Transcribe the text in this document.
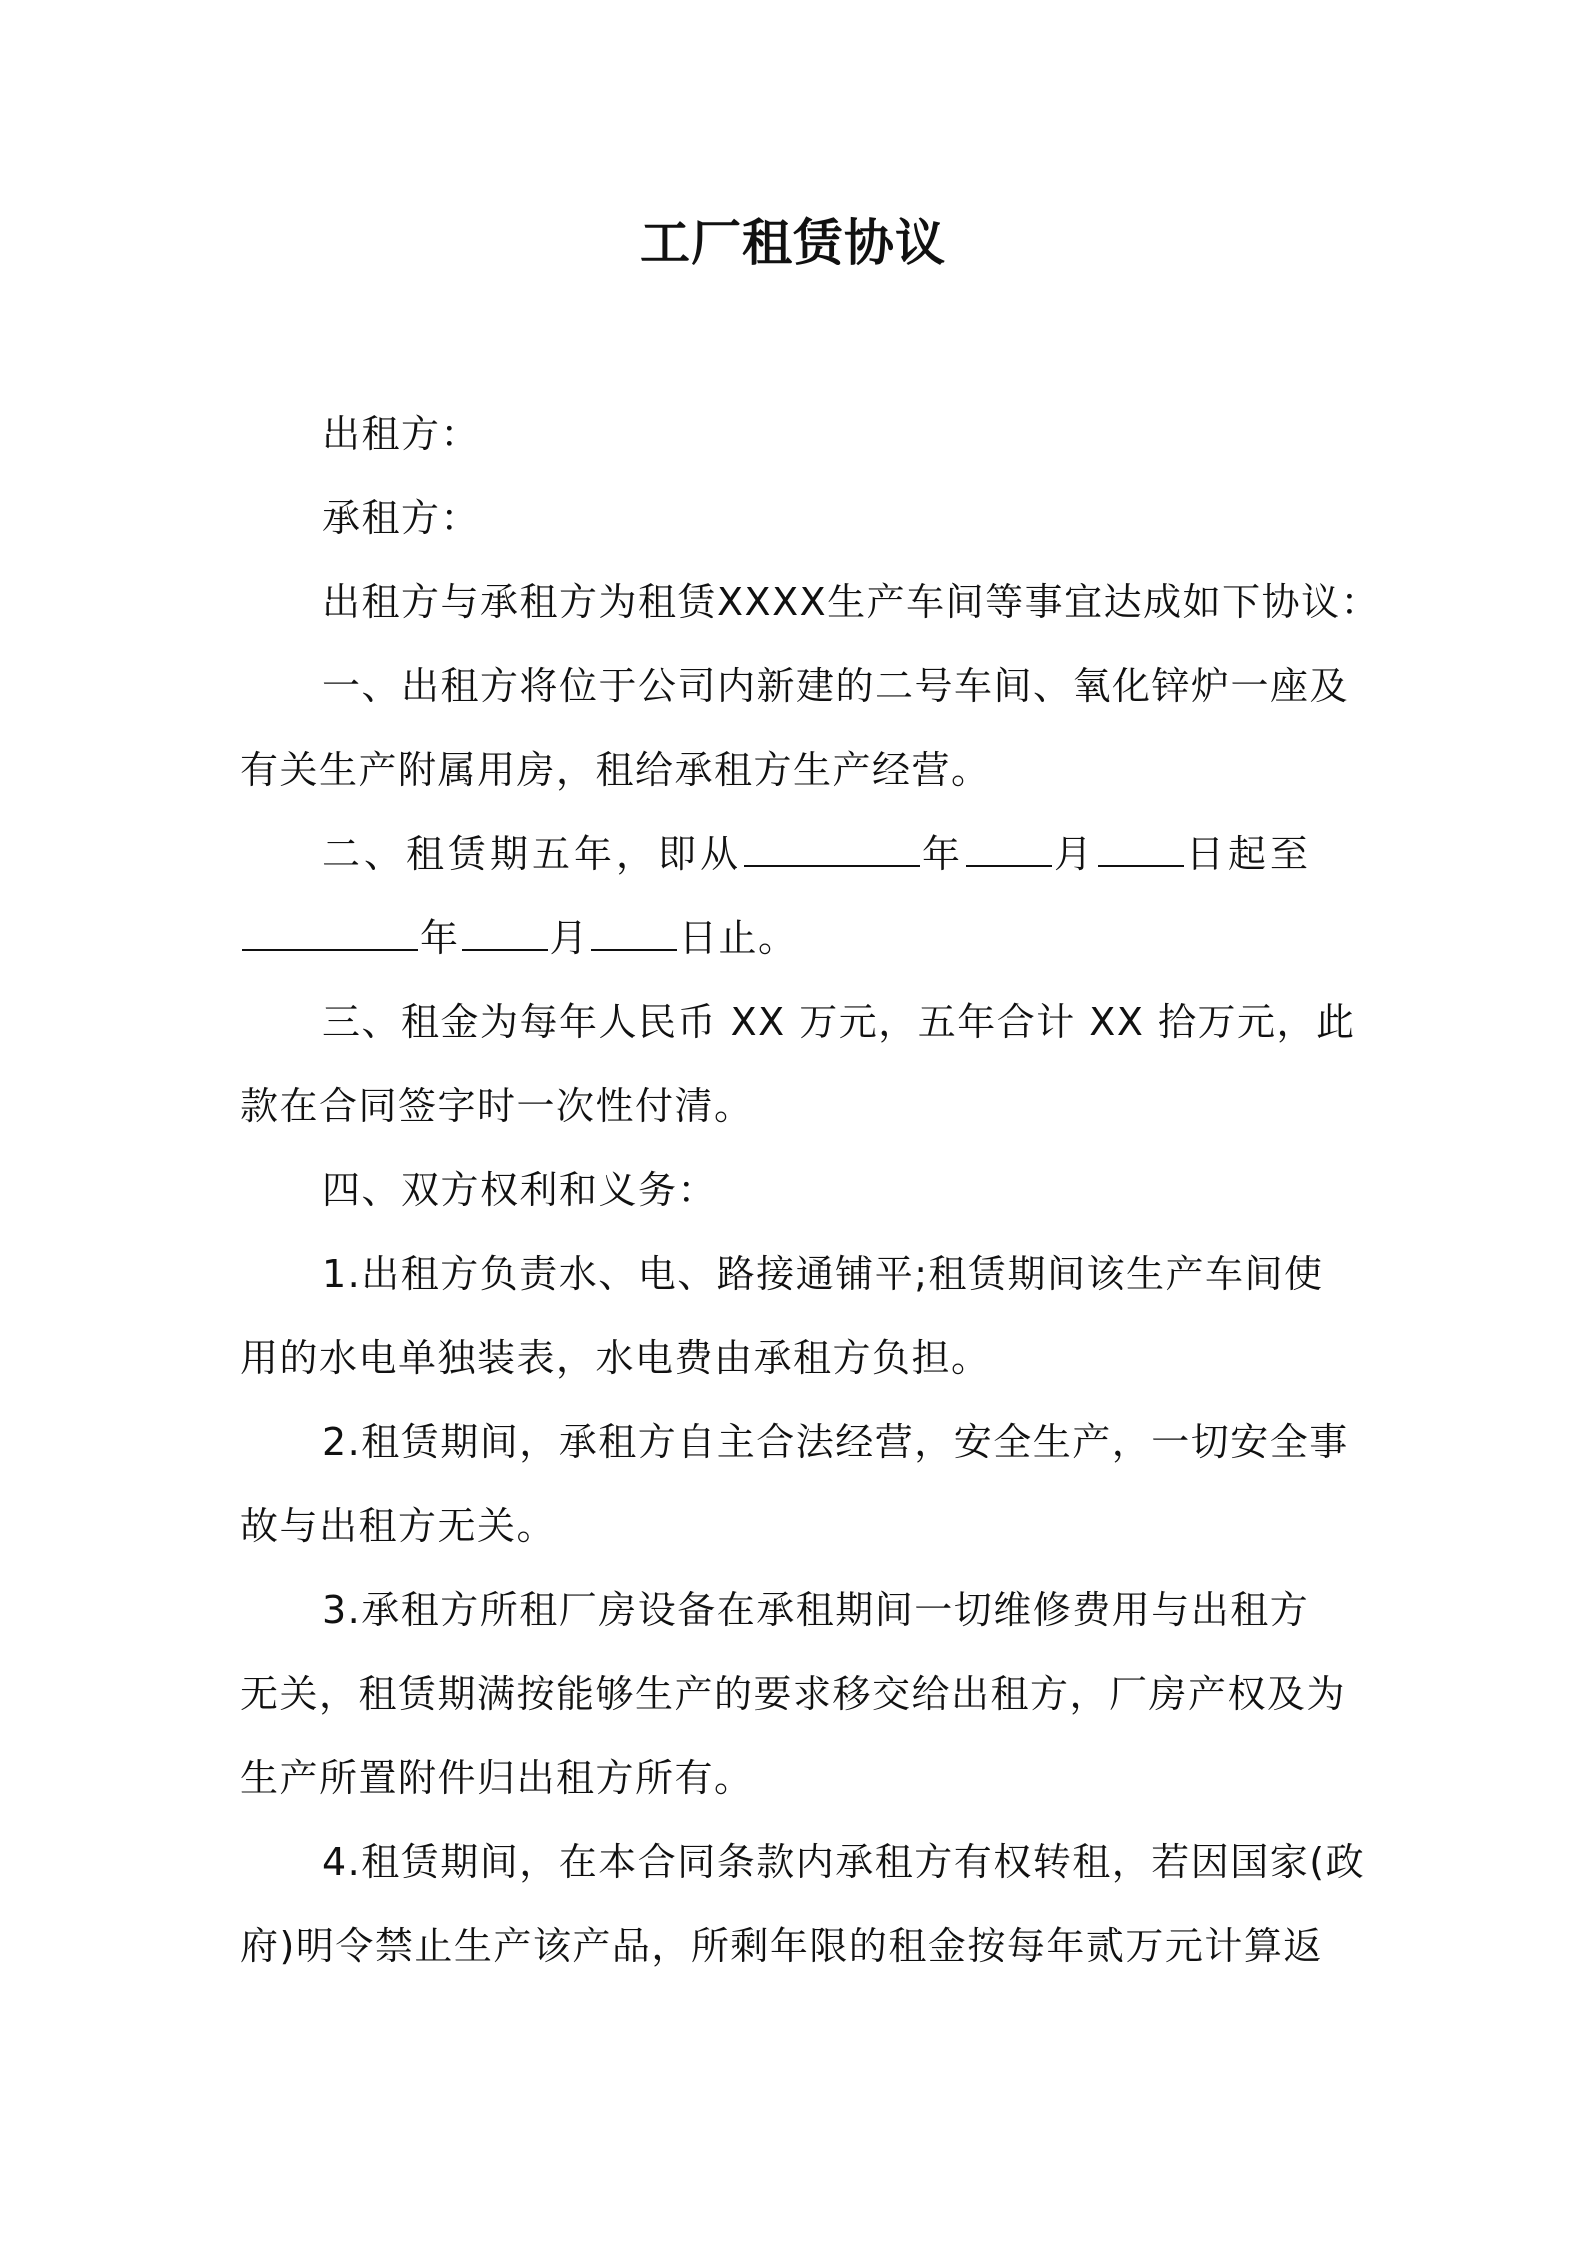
工厂租赁协议
出租方：
承租方：
出租方与承租方为租赁XXXX生产车间等事宜达成如下协议：
一、出租方将位于公司内新建的二号车间、氧化锌炉一座及
有关生产附属用房，租给承租方生产经营。
二、租赁期五年，即从	年 月 日起至
年 月 日止。
三、租金为每年人民币 XX 万元，五年合计 XX 拾万元，此
款在合同签字时一次性付清。
四、双方权利和义务：
1.出租方负责水、电、路接通铺平;租赁期间该生产车间使
用的水电单独装表，水电费由承租方负担。
2.租赁期间，承租方自主合法经营，安全生产，一切安全事
故与出租方无关。
3.承租方所租厂房设备在承租期间一切维修费用与出租方
无关，租赁期满按能够生产的要求移交给出租方，厂房产权及为
生产所置附件归出租方所有。
4.租赁期间，在本合同条款内承租方有权转租，若因国家(政
府)明令禁止生产该产品，所剩年限的租金按每年贰万元计算返
